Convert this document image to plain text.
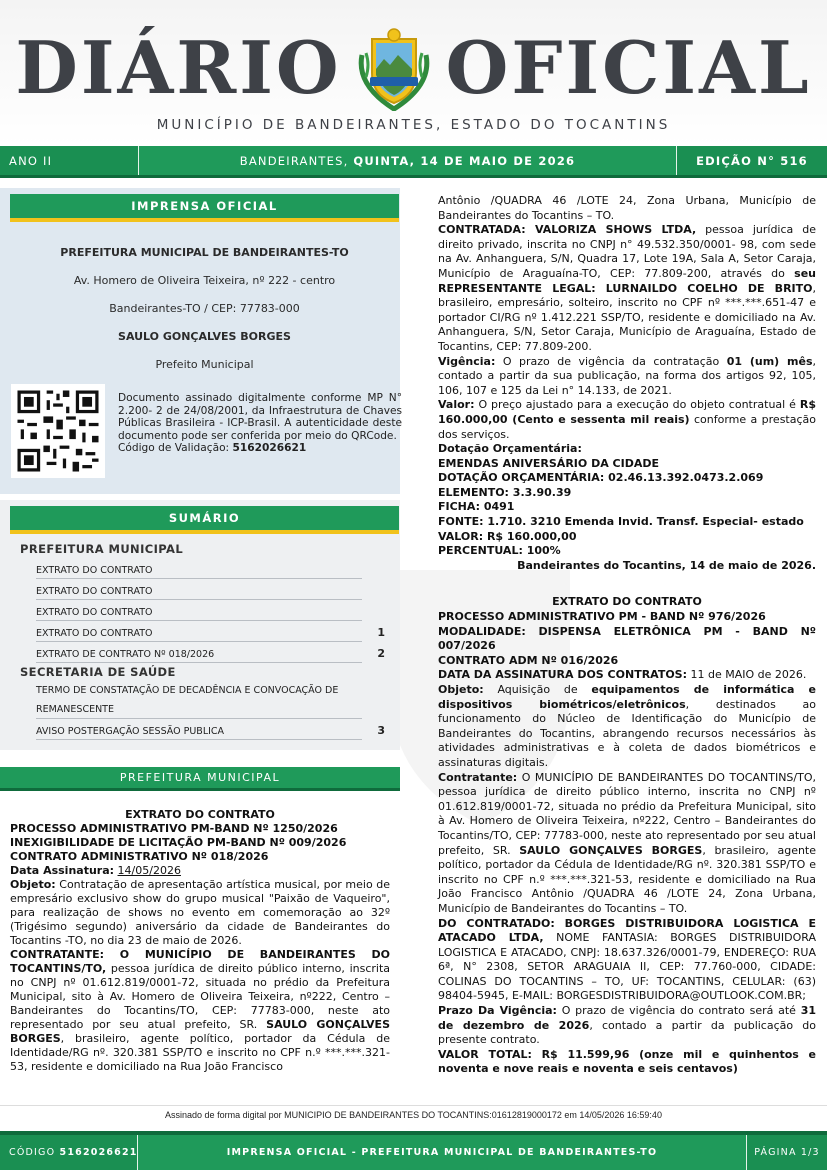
DIÁRIO OFICIAL
MUNICÍPIO DE BANDEIRANTES, ESTADO DO TOCANTINS
ANO II	BANDEIRANTES,
QUINTA, 14 DE MAIO DE 2026	EDIÇÃO N° 516
IMPRENSA OFICIAL
PREFEITURA MUNICIPAL DE BANDEIRANTES-TO
Av. Homero de Oliveira Teixeira, nº 222 - centro
Bandeirantes-TO / CEP: 77783-000
SAULO GONÇALVES BORGES
Prefeito Municipal
Documento assinado digitalmente conforme MP N° 2.200- 2 de 24/08/2001, da Infraestrutura de Chaves Públicas Brasileira - ICP-Brasil. A autenticidade deste documento pode ser conferida por meio do QRCode.
Código de Validação: 5162026621
SUMÁRIO
PREFEITURA MUNICIPAL
EXTRATO DO CONTRATO
EXTRATO DO CONTRATO
EXTRATO DO CONTRATO
EXTRATO DO CONTRATO	1
EXTRATO DE CONTRATO Nº 018/2026	2
SECRETARIA DE SAÚDE
TERMO DE CONSTATAÇÃO DE DECADÊNCIA E CONVOCAÇÃO DE REMANESCENTE
AVISO POSTERGAÇÃO SESSÃO PUBLICA	3
PREFEITURA MUNICIPAL
EXTRATO DO CONTRATO
PROCESSO ADMINISTRATIVO PM-BAND Nº 1250/2026
INEXIGIBILIDADE DE LICITAÇÃO PM-BAND Nº 009/2026
CONTRATO ADMINISTRATIVO Nº 018/2026
Data Assinatura: 14/05/2026

Objeto: Contratação de apresentação artística musical, por meio de empresário exclusivo show do grupo musical "Paixão de Vaqueiro", para realização de shows no evento em comemoração ao 32º (Trigésimo segundo) aniversário da cidade de Bandeirantes do Tocantins -TO, no dia 23 de maio de 2026.

CONTRATANTE: O MUNICÍPIO DE BANDEIRANTES DO TOCANTINS/TO, pessoa jurídica de direito público interno, inscrita no CNPJ nº 01.612.819/0001-72, situada no prédio da Prefeitura Municipal, sito à Av. Homero de Oliveira Teixeira, nº222, Centro – Bandeirantes do Tocantins/TO, CEP: 77783-000, neste ato representado por seu atual prefeito, SR. SAULO GONÇALVES BORGES, brasileiro, agente político, portador da Cédula de Identidade/RG nº. 320.381 SSP/TO e inscrito no CPF n.º ***.***.321-53, residente e domiciliado na Rua João Francisco

Antônio /QUADRA 46 /LOTE 24, Zona Urbana, Município de Bandeirantes do Tocantins – TO.

CONTRATADA: VALORIZA SHOWS LTDA, pessoa jurídica de direito privado, inscrita no CNPJ n° 49.532.350/0001- 98, com sede na Av. Anhanguera, S/N, Quadra 17, Lote 19A, Sala A, Setor Caraja, Município de Araguaína-TO, CEP: 77.809-200, através do seu REPRESENTANTE LEGAL: LURNAILDO COELHO DE BRITO, brasileiro, empresário, solteiro, inscrito no CPF nº ***.***.651-47 e portador CI/RG nº 1.412.221 SSP/TO, residente e domiciliado na Av. Anhanguera, S/N, Setor Caraja, Município de Araguaína, Estado de Tocantins, CEP: 77.809-200.

Vigência: O prazo de vigência da contratação 01 (um) mês, contado a partir da sua publicação, na forma dos artigos 92, 105, 106, 107 e 125 da Lei n° 14.133, de 2021.

Valor: O preço ajustado para a execução do objeto contratual é R$ 160.000,00 (Cento e sessenta mil reais) conforme a prestação dos serviços.

Dotação Orçamentária:
EMENDAS ANIVERSÁRIO DA CIDADE
DOTAÇÃO ORÇAMENTÁRIA: 02.46.13.392.0473.2.069
ELEMENTO: 3.3.90.39
FICHA: 0491
FONTE: 1.710. 3210 Emenda Invid. Transf. Especial- estado
VALOR: R$ 160.000,00
PERCENTUAL: 100%
Bandeirantes do Tocantins, 14 de maio de 2026.
EXTRATO DO CONTRATO
PROCESSO ADMINISTRATIVO PM - BAND Nº 976/2026

MODALIDADE: DISPENSA ELETRÔNICA PM - BAND Nº 007/2026

CONTRATO ADM Nº 016/2026
DATA DA ASSINATURA DOS CONTRATOS: 11 de MAIO de 2026.

Objeto: Aquisição de equipamentos de informática e dispositivos biométricos/eletrônicos, destinados ao funcionamento do Núcleo de Identificação do Município de Bandeirantes do Tocantins, abrangendo recursos necessários às atividades administrativas e à coleta de dados biométricos e assinaturas digitais.

Contratante: O MUNICÍPIO DE BANDEIRANTES DO TOCANTINS/TO, pessoa jurídica de direito público interno, inscrita no CNPJ nº 01.612.819/0001-72, situada no prédio da Prefeitura Municipal, sito à Av. Homero de Oliveira Teixeira, nº222, Centro – Bandeirantes do Tocantins/TO, CEP: 77783-000, neste ato representado por seu atual prefeito, SR. SAULO GONÇALVES BORGES, brasileiro, agente político, portador da Cédula de Identidade/RG nº. 320.381 SSP/TO e inscrito no CPF n.º ***.***.321-53, residente e domiciliado na Rua João Francisco Antônio /QUADRA 46 /LOTE 24, Zona Urbana, Município de Bandeirantes do Tocantins – TO.

DO CONTRATADO: BORGES DISTRIBUIDORA LOGISTICA E ATACADO LTDA, NOME FANTASIA: BORGES DISTRIBUIDORA LOGISTICA E ATACADO, CNPJ: 18.637.326/0001-79, ENDEREÇO: RUA 6ª, N° 2308, SETOR ARAGUAIA II, CEP: 77.760-000, CIDADE: COLINAS DO TOCANTINS – TO, UF: TOCANTINS, CELULAR: (63) 98404-5945, E-MAIL: BORGESDISTRIBUIDORA@OUTLOOK.COM.BR;

Prazo Da Vigência: O prazo de vigência do contrato será até 31 de dezembro de 2026, contado a partir da publicação do presente contrato.

VALOR TOTAL: R$ 11.599,96 (onze mil e quinhentos e noventa e nove reais e noventa e seis centavos)

Assinado de forma digital por MUNICIPIO DE BANDEIRANTES DO TOCANTINS:01612819000172 em 14/05/2026 16:59:40
CÓDIGO
5162026621	IMPRENSA OFICIAL - PREFEITURA MUNICIPAL DE BANDEIRANTES-TO	PÁGINA 1/3
